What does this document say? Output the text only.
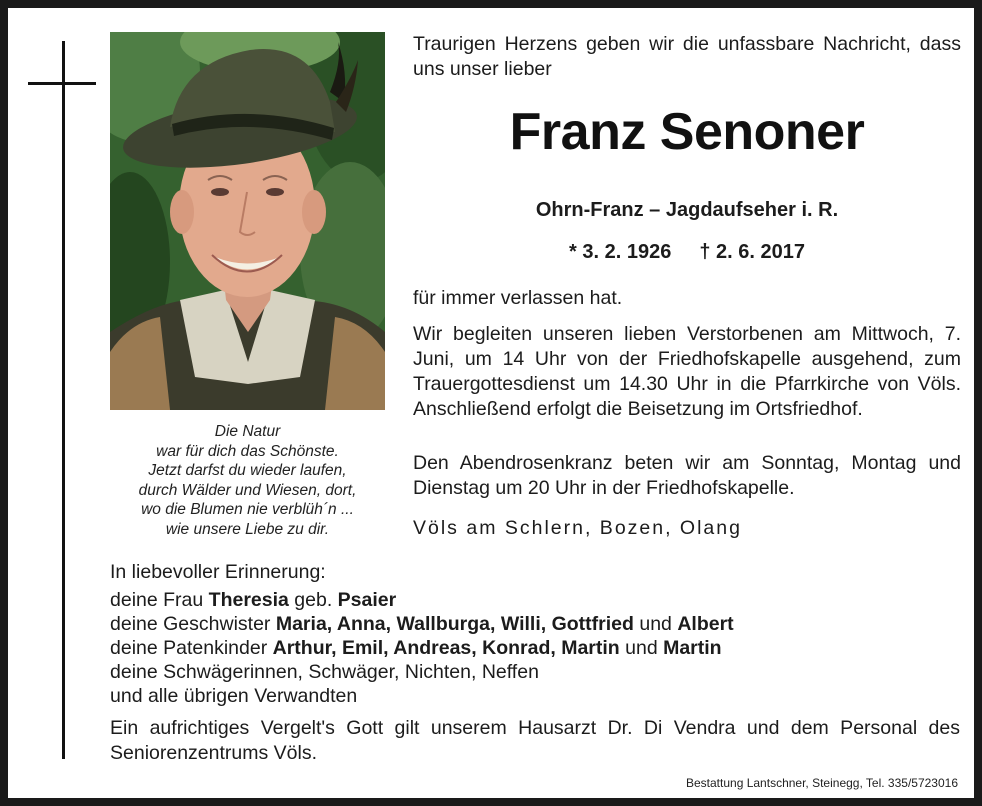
Die Natur
war für dich das Schönste.
Jetzt darfst du wieder laufen,
durch Wälder und Wiesen, dort,
wo die Blumen nie verblüh´n ...
wie unsere Liebe zu dir.
Traurigen Herzens geben wir die unfassbare Nachricht, dass uns unser lieber
Franz Senoner
Ohrn-Franz – Jagdaufseher i. R.
* 3. 2. 1926 † 2. 6. 2017
für immer verlassen hat.
Wir begleiten unseren lieben Verstorbenen am Mittwoch, 7. Juni, um 14 Uhr von der Friedhofskapelle ausgehend, zum Trauergottesdienst um 14.30 Uhr in die Pfarrkirche von Völs. Anschließend erfolgt die Beisetzung im Ortsfriedhof.
Den Abendrosenkranz beten wir am Sonntag, Montag und Dienstag um 20 Uhr in der Friedhofskapelle.
Völs am Schlern, Bozen, Olang
In liebevoller Erinnerung:
deine Frau Theresia geb. Psaier
deine Geschwister Maria, Anna, Wallburga, Willi, Gottfried und Albert
deine Patenkinder Arthur, Emil, Andreas, Konrad, Martin und Martin
deine Schwägerinnen, Schwäger, Nichten, Neffen
und alle übrigen Verwandten
Ein aufrichtiges Vergelt's Gott gilt unserem Hausarzt Dr. Di Vendra und dem Personal des Seniorenzentrums Völs.
Bestattung Lantschner, Steinegg, Tel. 335/5723016
